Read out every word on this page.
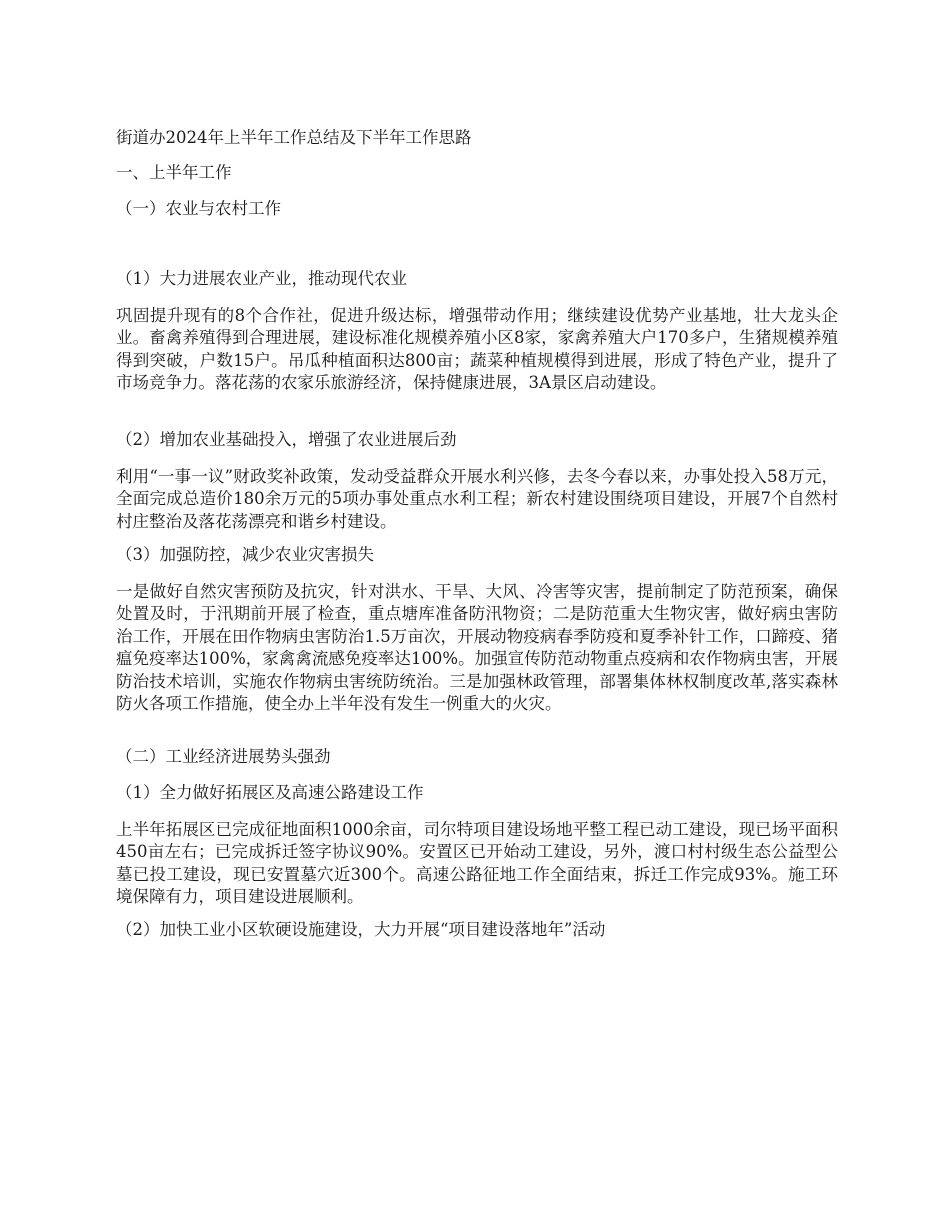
街道办2024年上半年工作总结及下半年工作思路

一、上半年工作

（一）农业与农村工作

（1）大力进展农业产业，推动现代农业

巩固提升现有的8个合作社，促进升级达标，增强带动作用；继续建设优势产业基地，壮大龙头企业。畜禽养殖得到合理进展，建设标准化规模养殖小区8家，家禽养殖大户170多户，生猪规模养殖得到突破，户数15户。吊瓜种植面积达800亩；蔬菜种植规模得到进展，形成了特色产业，提升了市场竞争力。落花荡的农家乐旅游经济，保持健康进展，3A景区启动建设。

（2）增加农业基础投入，增强了农业进展后劲

利用“一事一议”财政奖补政策，发动受益群众开展水利兴修，去冬今春以来，办事处投入58万元，全面完成总造价180余万元的5项办事处重点水利工程；新农村建设围绕项目建设，开展7个自然村村庄整治及落花荡漂亮和谐乡村建设。

（3）加强防控，减少农业灾害损失

一是做好自然灾害预防及抗灾，针对洪水、干旱、大风、冷害等灾害，提前制定了防范预案，确保处置及时，于汛期前开展了检查，重点塘库准备防汛物资；二是防范重大生物灾害，做好病虫害防治工作，开展在田作物病虫害防治1.5万亩次，开展动物疫病春季防疫和夏季补针工作，口蹄疫、猪瘟免疫率达100%，家禽禽流感免疫率达100%。加强宣传防范动物重点疫病和农作物病虫害，开展防治技术培训，实施农作物病虫害统防统治。三是加强林政管理，部署集体林权制度改革,落实森林防火各项工作措施，使全办上半年没有发生一例重大的火灾。

（二）工业经济进展势头强劲

（1）全力做好拓展区及高速公路建设工作

上半年拓展区已完成征地面积1000余亩，司尔特项目建设场地平整工程已动工建设，现已场平面积450亩左右；已完成拆迁签字协议90%。安置区已开始动工建设，另外，渡口村村级生态公益型公墓已投工建设，现已安置墓穴近300个。高速公路征地工作全面结束，拆迁工作完成93%。施工环境保障有力，项目建设进展顺利。

（2）加快工业小区软硬设施建设，大力开展“项目建设落地年”活动
